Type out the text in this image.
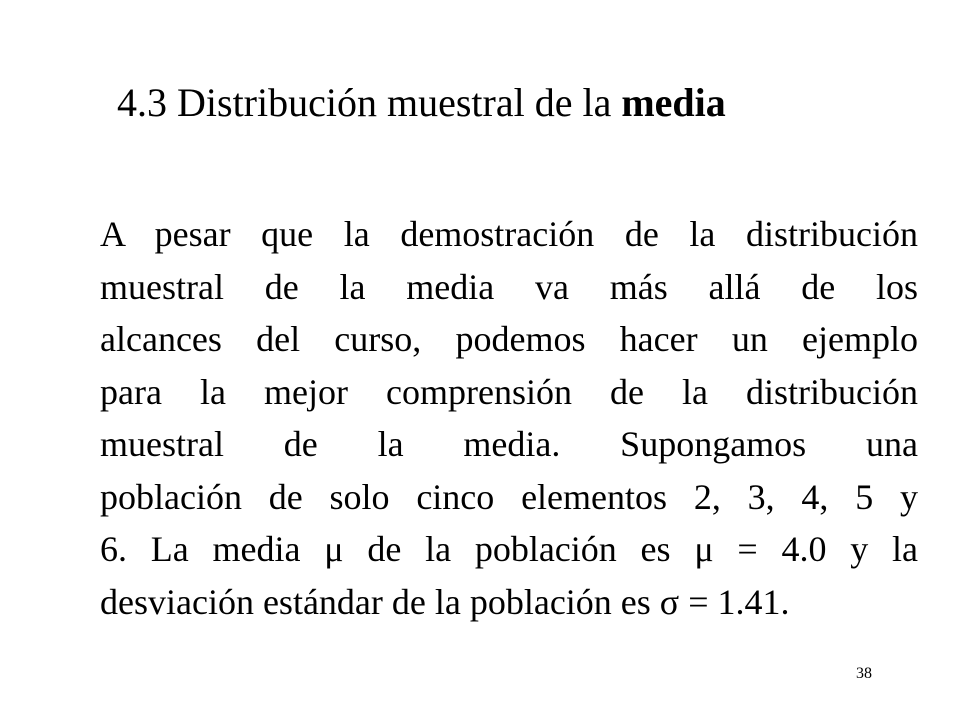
4.3 Distribución muestral de la media
A pesar que la demostración de la distribución
muestral de la media va más allá de los
alcances del curso, podemos hacer un ejemplo
para la mejor comprensión de la distribución
muestral de la media. Supongamos una
población de solo cinco elementos 2, 3, 4, 5 y
6. La media μ de la población es μ = 4.0 y la
desviación estándar de la población es σ = 1.41.
38
